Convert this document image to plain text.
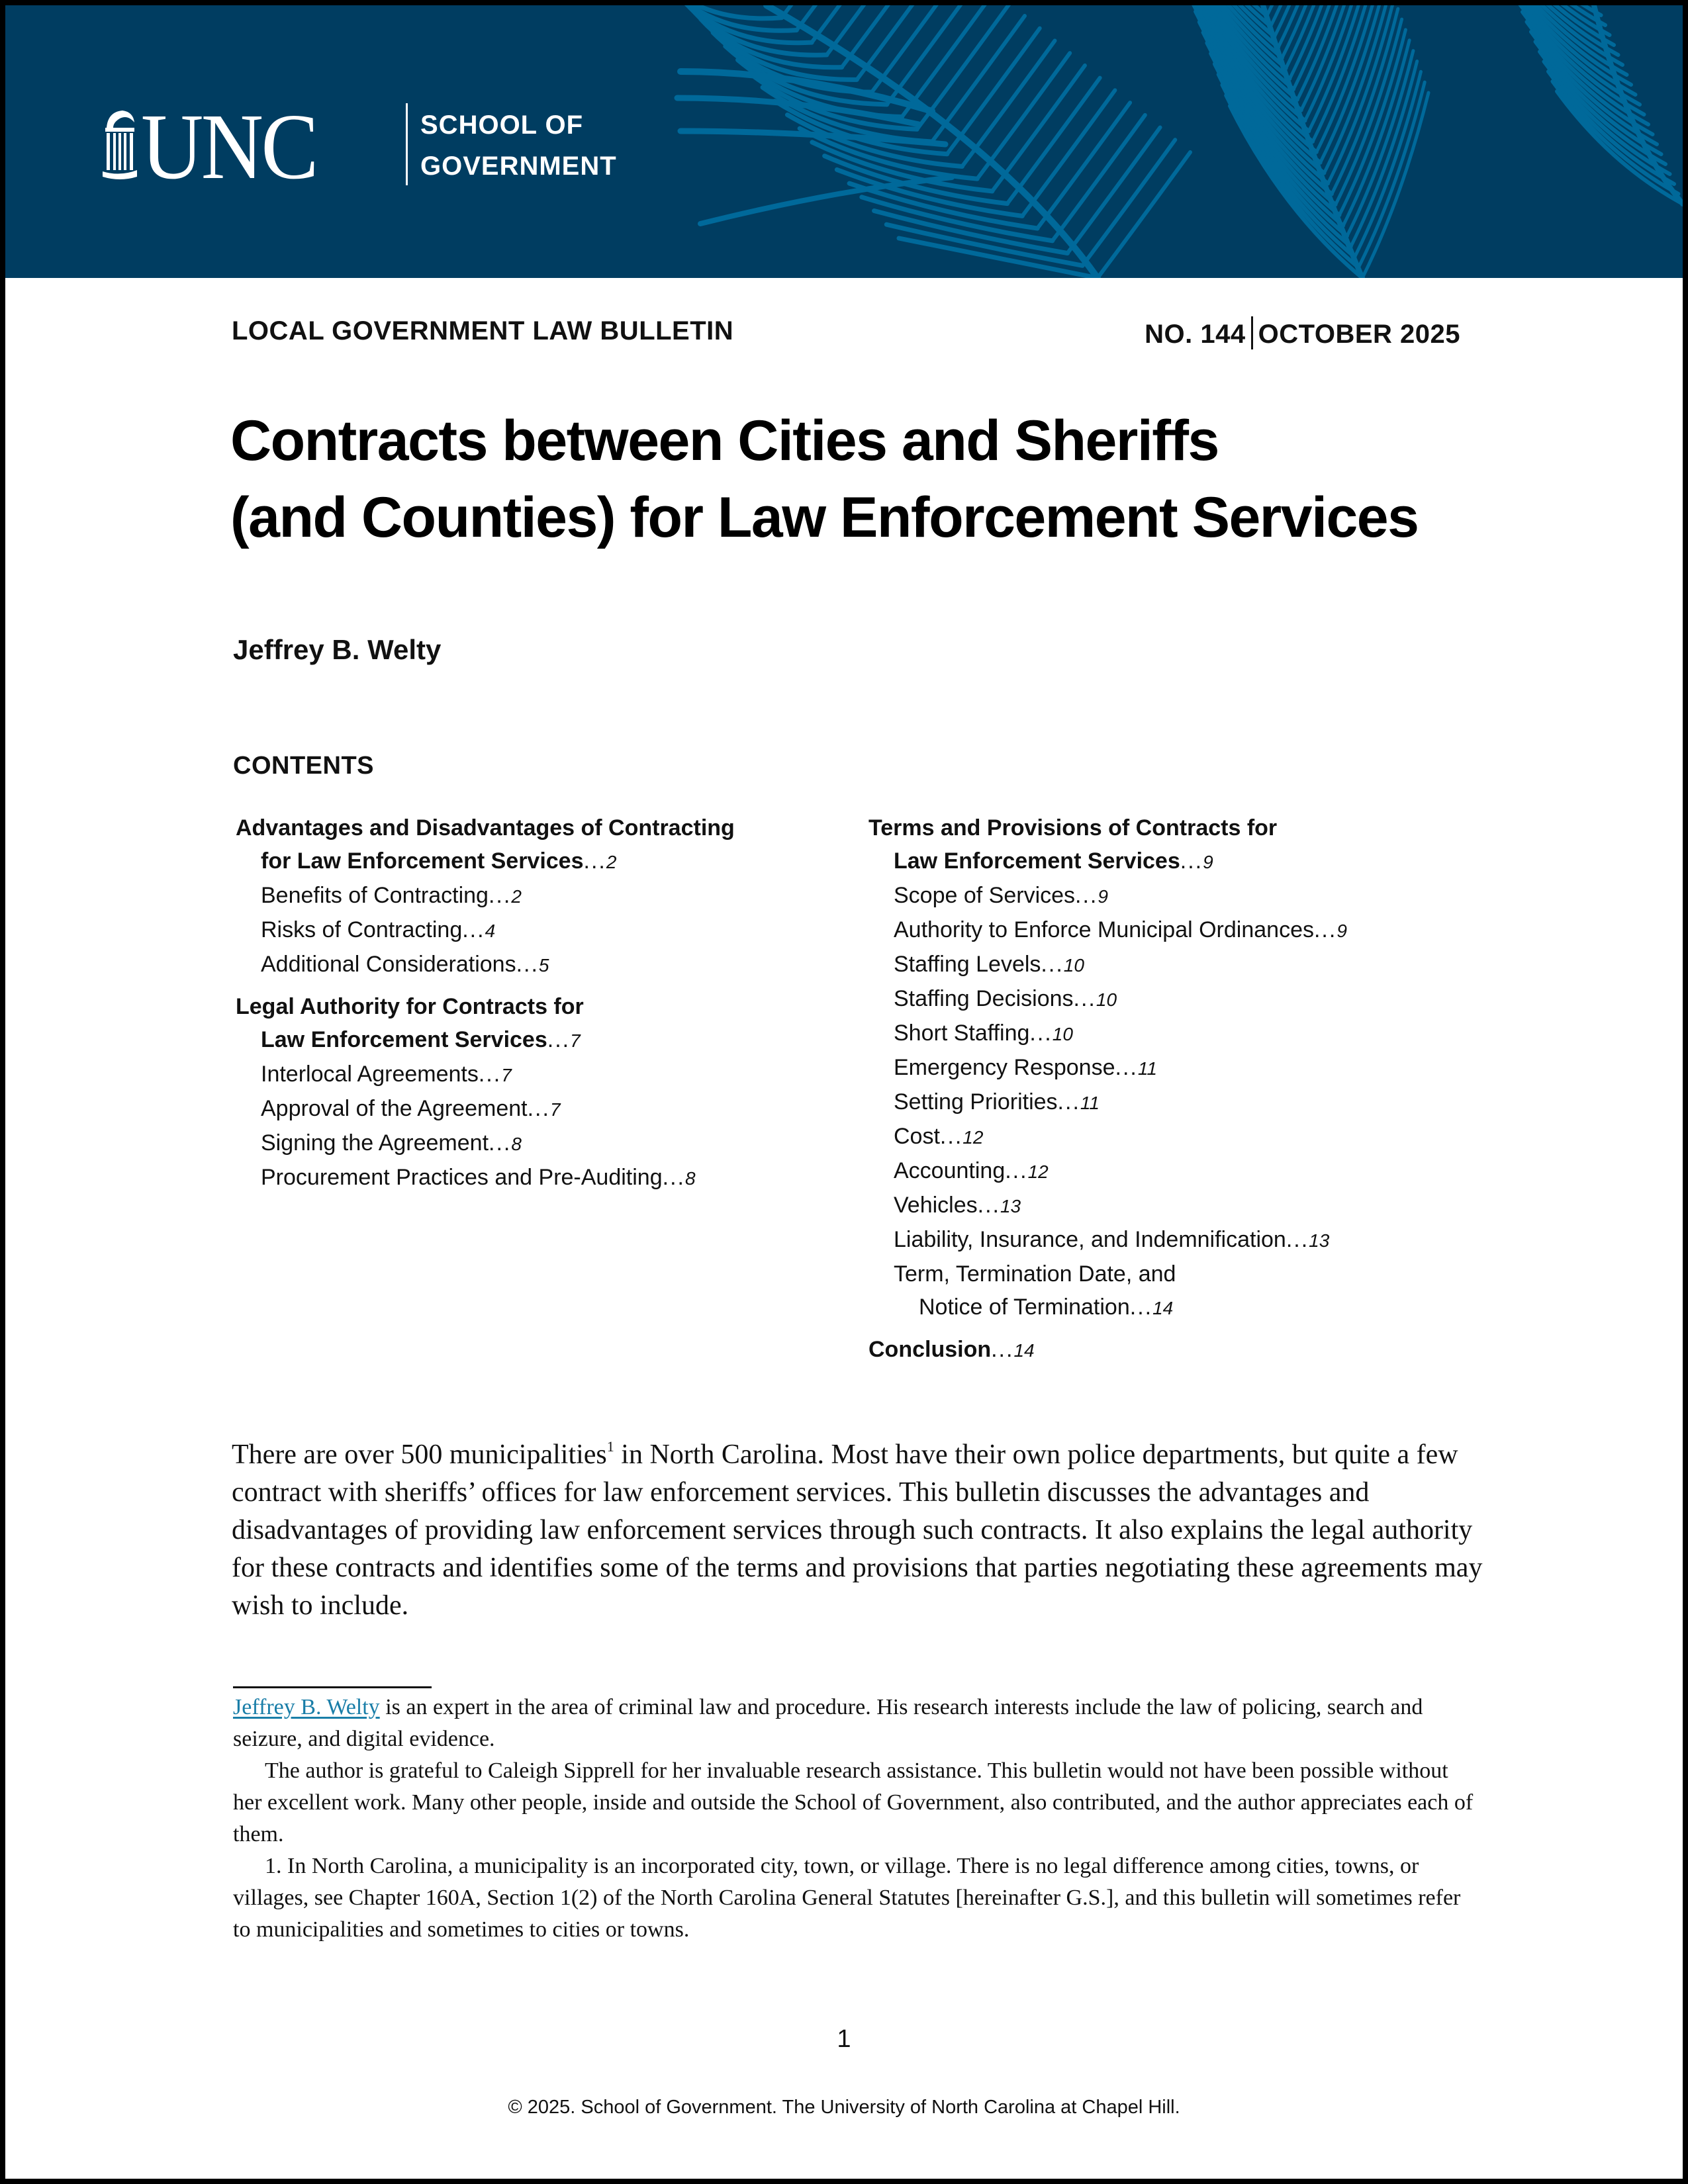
UNC	SCHOOL OF
GOVERNMENT
LOCAL GOVERNMENT LAW BULLETIN	NO. 144 OCTOBER 2025
Contracts between Cities and Sheriffs
(and Counties) for Law Enforcement Services
Jeffrey B. Welty
CONTENTS
Advantages and Disadvantages of Contracting
for Law Enforcement Services...2
Benefits of Contracting...2
Risks of Contracting...4
Additional Considerations...5
Legal Authority for Contracts for
Law Enforcement Services...7
Interlocal Agreements...7
Approval of the Agreement...7
Signing the Agreement...8
Procurement Practices and Pre-Auditing...8
Terms and Provisions of Contracts for
Law Enforcement Services...9
Scope of Services...9
Authority to Enforce Municipal Ordinances...9
Staffing Levels...10
Staffing Decisions...10
Short Staffing...10
Emergency Response...11
Setting Priorities...11
Cost...12
Accounting...12
Vehicles...13
Liability, Insurance, and Indemnification...13
Term, Termination Date, and
Notice of Termination...14
Conclusion...14

There are over 500 municipalities$^1$ in North Carolina. Most have their own police departments, but quite a few contract with sheriffs’ offices for law enforcement services. This bulletin discusses the advantages and disadvantages of providing law enforcement services through such contracts. It also explains the legal authority for these contracts and identifies some of the terms and provisions that parties negotiating these agreements may wish to include.

Jeffrey B. Welty is an expert in the area of criminal law and procedure. His research interests include the law of policing, search and seizure, and digital evidence.

The author is grateful to Caleigh Sipprell for her invaluable research assistance. This bulletin would not have been possible without her excellent work. Many other people, inside and outside the School of Government, also contributed, and the author appreciates each of them.

1. In North Carolina, a municipality is an incorporated city, town, or village. There is no legal difference among cities, towns, or villages, see Chapter 160A, Section 1(2) of the North Carolina General Statutes [hereinafter G.S.], and this bulletin will sometimes refer to municipalities and sometimes to cities or towns.

1
© 2025. School of Government. The University of North Carolina at Chapel Hill.
